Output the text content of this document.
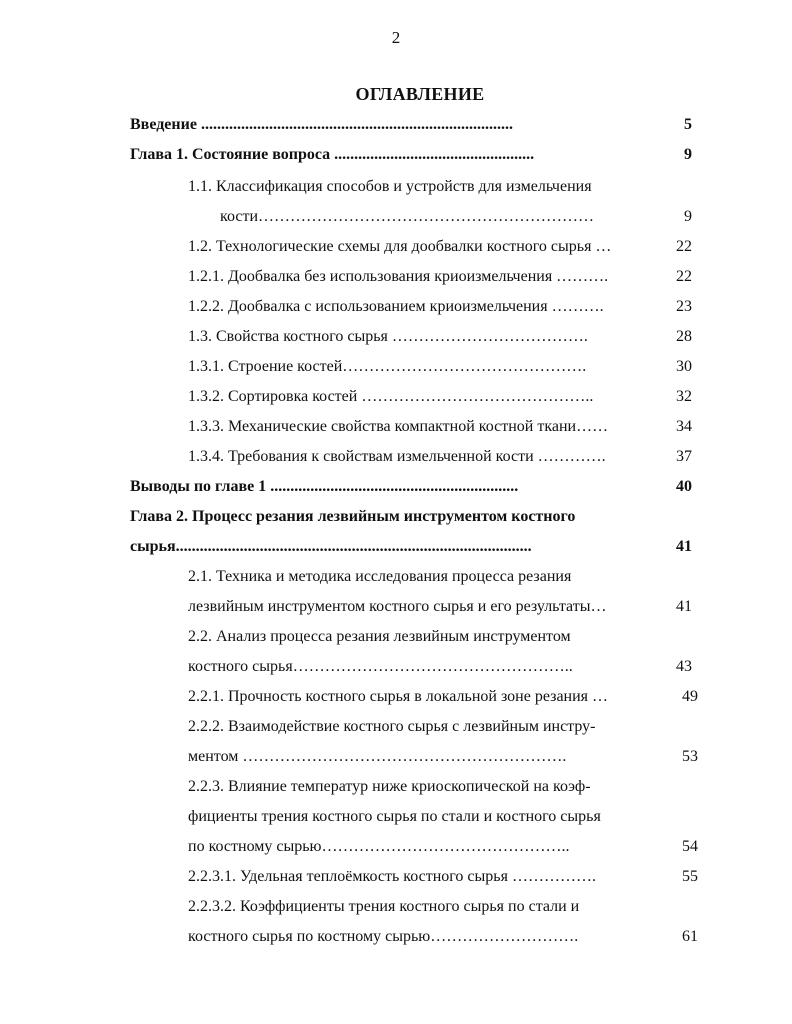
2
ОГЛАВЛЕНИЕ
Введение ..............................................................................	5
Глава 1. Состояние вопроса ..................................................	9
1.1. Классификация способов и устройств для измельчения
кости………………………………………………………	9
1.2. Технологические схемы для дообвалки костного сырья …	22
1.2.1. Дообвалка без использования криоизмельчения ……….	22
1.2.2. Дообвалка с использованием криоизмельчения ……….	23
1.3. Свойства костного сырья ……………………………….	28
1.3.1. Строение костей……………………………………….	30
1.3.2. Сортировка костей ……………………………………..	32
1.3.3. Механические свойства компактной костной ткани……	34
1.3.4. Требования к свойствам измельченной кости ………….	37
Выводы по главе 1 ..............................................................	40
Глава 2. Процесс резания лезвийным инструментом костного
сырья.........................................................................................	41
2.1. Техника и методика исследования процесса резания
лезвийным инструментом костного сырья и его результаты…	41
2.2. Анализ процесса резания лезвийным инструментом
костного сырья……………………………………………..	43
2.2.1. Прочность костного сырья в локальной зоне резания …	49
2.2.2. Взаимодействие костного сырья с лезвийным инстру-
ментом …………………………………………………….	53
2.2.3. Влияние температур ниже криоскопической на коэф-
фициенты трения костного сырья по стали и костного сырья
по костному сырью………………………………………..	54
2.2.3.1. Удельная теплоёмкость костного сырья …………….	55
2.2.3.2. Коэффициенты трения костного сырья по стали и
костного сырья по костному сырью……………………….	61
